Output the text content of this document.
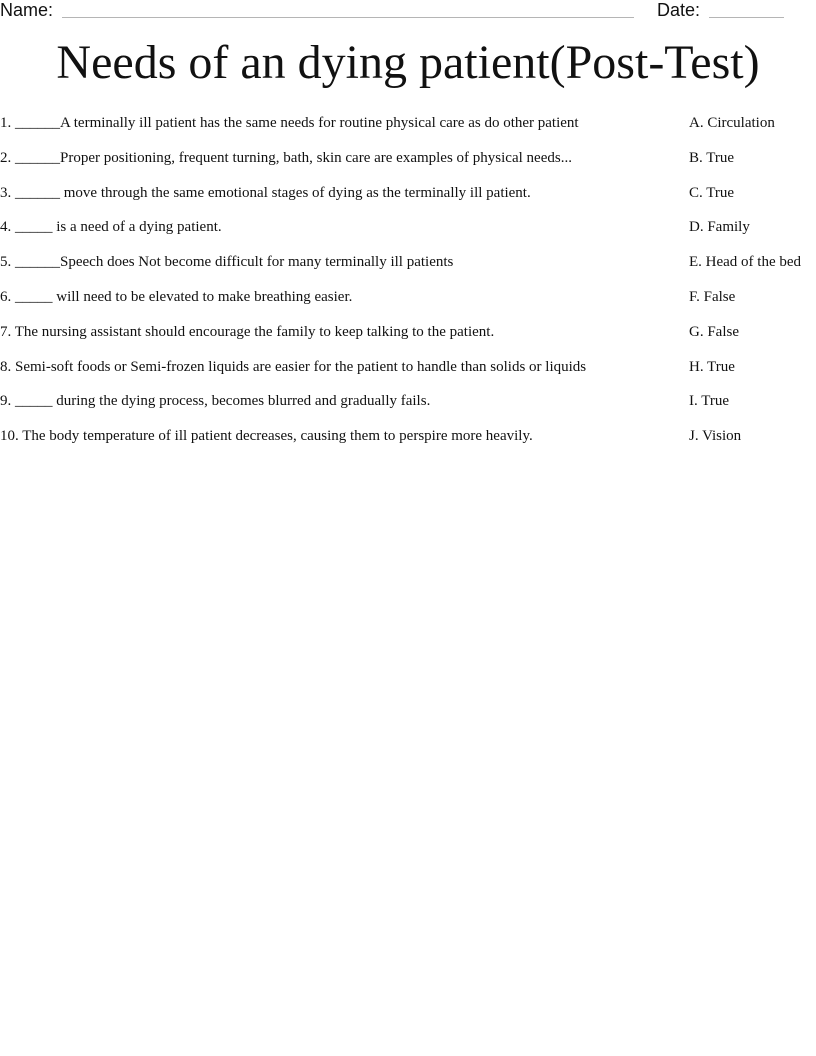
Name:	Date:
Needs of an dying patient(Post-Test)
1. ______A terminally ill patient has the same needs for routine physical care as do other patient
2. ______Proper positioning, frequent turning, bath, skin care are examples of physical needs...
3. ______ move through the same emotional stages of dying as the terminally ill patient.
4. _____ is a need of a dying patient.
5. ______Speech does Not become difficult for many terminally ill patients
6. _____ will need to be elevated to make breathing easier.
7. The nursing assistant should encourage the family to keep talking to the patient.
8. Semi-soft foods or Semi-frozen liquids are easier for the patient to handle than solids or liquids
9. _____ during the dying process, becomes blurred and gradually fails.
10. The body temperature of ill patient decreases, causing them to perspire more heavily.
A. Circulation
B. True
C. True
D. Family
E. Head of the bed
F. False
G. False
H. True
I. True
J. Vision
